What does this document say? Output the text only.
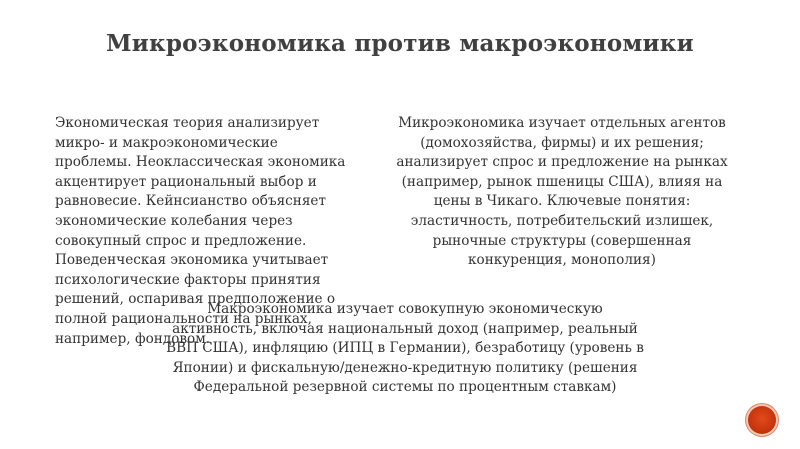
Микроэкономика против макроэкономики
Экономическая теория анализирует
микро- и макроэкономические
проблемы. Неоклассическая экономика
акцентирует рациональный выбор и
равновесие. Кейнсианство объясняет
экономические колебания через
совокупный спрос и предложение.
Поведенческая экономика учитывает
психологические факторы принятия
решений, оспаривая предположение о
полной рациональности на рынках,
например, фондовом.
Микроэкономика изучает отдельных агентов
(домохозяйства, фирмы) и их решения;
анализирует спрос и предложение на рынках
(например, рынок пшеницы США), влияя на
цены в Чикаго. Ключевые понятия:
эластичность, потребительский излишек,
рыночные структуры (совершенная
конкуренция, монополия)
Макроэкономика изучает совокупную экономическую
активность, включая национальный доход (например, реальный
ВВП США), инфляцию (ИПЦ в Германии), безработицу (уровень в
Японии) и фискальную/денежно-кредитную политику (решения
Федеральной резервной системы по процентным ставкам)
